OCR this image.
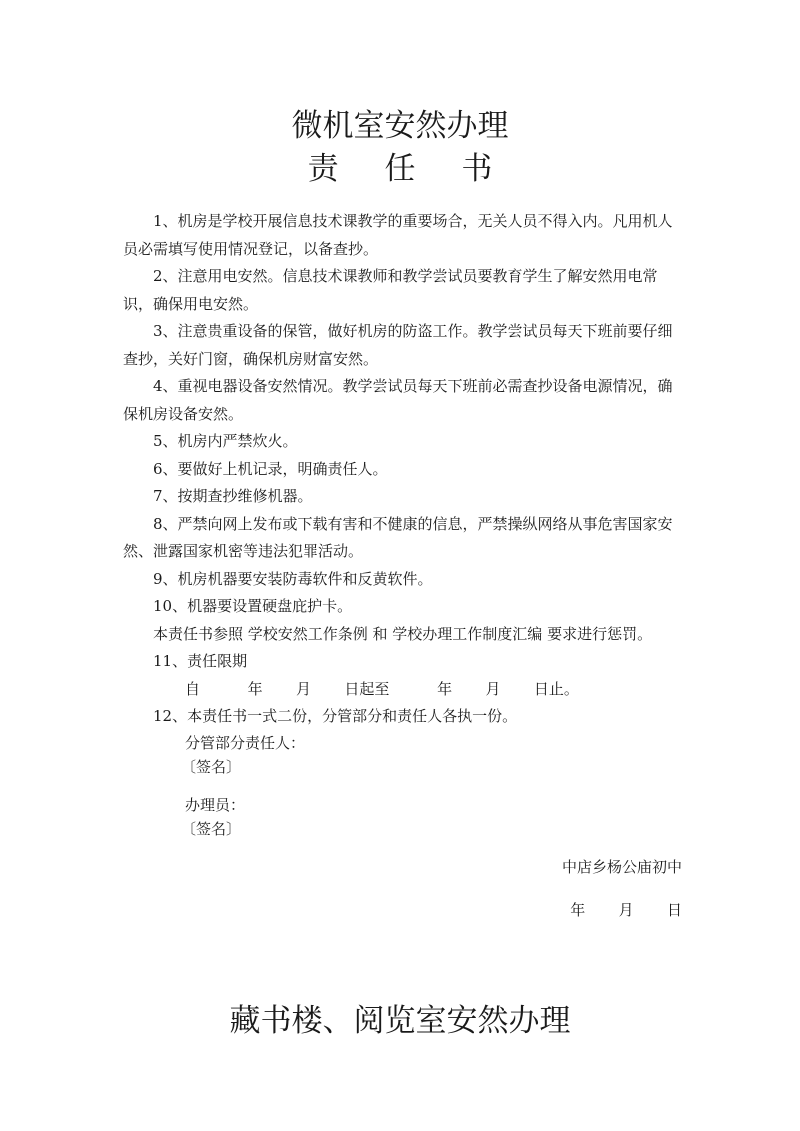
微机室安然办理
责 任 书

1、机房是学校开展信息技术课教学的重要场合，无关人员不得入内。凡用机人员必需填写使用情况登记，以备查抄。

2、注意用电安然。信息技术课教师和教学尝试员要教育学生了解安然用电常识，确保用电安然。

3、注意贵重设备的保管，做好机房的防盗工作。教学尝试员每天下班前要仔细查抄，关好门窗，确保机房财富安然。

4、重视电器设备安然情况。教学尝试员每天下班前必需查抄设备电源情况，确保机房设备安然。

5、机房内严禁炊火。

6、要做好上机记录，明确责任人。

7、按期查抄维修机器。

8、严禁向网上发布或下载有害和不健康的信息，严禁操纵网络从事危害国家安然、泄露国家机密等违法犯罪活动。

9、机房机器要安装防毒软件和反黄软件。

10、机器要设置硬盘庇护卡。

本责任书参照 学校安然工作条例 和 学校办理工作制度汇编 要求进行惩罚。

11、责任限期

自          年       月       日起至          年       月       日止。

12、本责任书一式二份，分管部分和责任人各执一份。

分管部分责任人：

〔签名〕

办理员：

〔签名〕

中店乡杨公庙初中
年       月       日
藏书楼、阅览室安然办理
